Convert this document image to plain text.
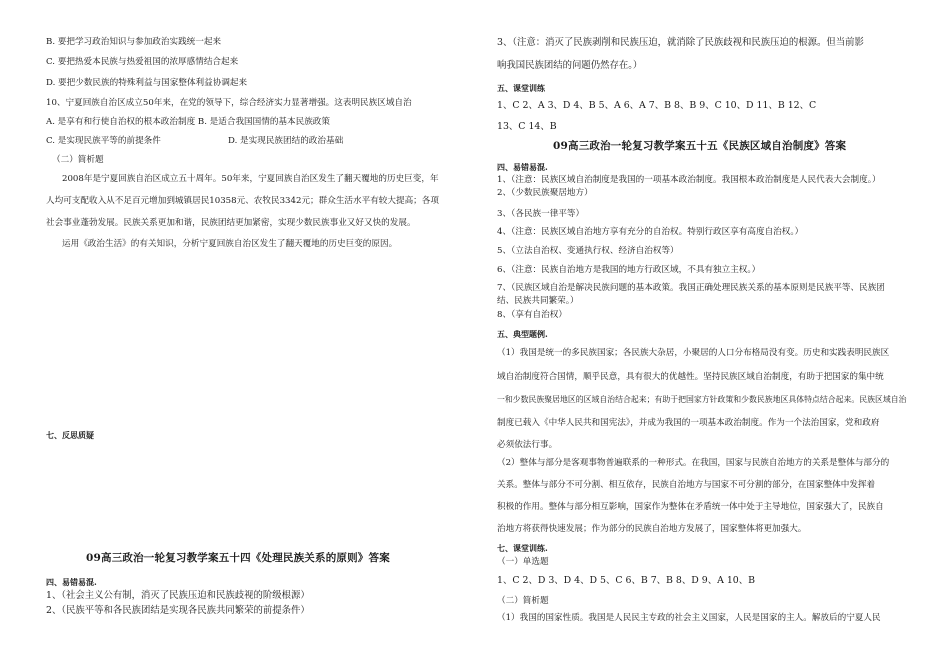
B. 要把学习政治知识与参加政治实践统一起来
C. 要把热爱本民族与热爱祖国的浓厚感情结合起来
D. 要把少数民族的特殊利益与国家整体利益协调起来
10、宁夏回族自治区成立50年来，在党的领导下，综合经济实力显著增强。这表明民族区域自治
A. 是享有和行使自治权的根本政治制度 B. 是适合我国国情的基本民族政策
C. 是实现民族平等的前提条件	D. 是实现民族团结的政治基础
（二）简析题
2008年是宁夏回族自治区成立五十周年。50年来，宁夏回族自治区发生了翻天覆地的历史巨变，年
人均可支配收入从不足百元增加到城镇居民10358元、农牧民3342元；群众生活水平有较大提高；各项
社会事业蓬勃发展。民族关系更加和谐，民族团结更加紧密，实现少数民族事业又好又快的发展。
运用《政治生活》的有关知识，分析宁夏回族自治区发生了翻天覆地的历史巨变的原因。
七、反思质疑
09高三政治一轮复习教学案五十四《处理民族关系的原则》答案
四、易错易混.
1、（社会主义公有制，消灭了民族压迫和民族歧视的阶级根源）
2、（民族平等和各民族团结是实现各民族共同繁荣的前提条件）
3、（注意：消灭了民族剥削和民族压迫，就消除了民族歧视和民族压迫的根源。但当前影
响我国民族团结的问题仍然存在。）
五、课堂训练
1、C 2、A 3、D 4、B 5、A 6、A 7、B 8、B 9、C 10、D 11、B 12、C
13、C 14、B
09高三政治一轮复习教学案五十五《民族区域自治制度》答案
四、易错易混.
1、（注意：民族区域自治制度是我国的一项基本政治制度。我国根本政治制度是人民代表大会制度。）
2、（少数民族聚居地方）
3、（各民族一律平等）
4、（注意：民族区域自治地方享有充分的自治权。特别行政区享有高度自治权。）
5、（立法自治权、变通执行权、经济自治权等）
6、（注意：民族自治地方是我国的地方行政区域，不具有独立主权。）
7、（民族区域自治是解决民族问题的基本政策。我国正确处理民族关系的基本原则是民族平等、民族团
结、民族共同繁荣。）
8、（享有自治权）
五、典型题例.
（1）我国是统一的多民族国家；各民族大杂居，小聚居的人口分布格局没有变。历史和实践表明民族区
域自治制度符合国情，顺乎民意，具有很大的优越性。坚持民族区域自治制度，有助于把国家的集中统
一和少数民族聚居地区的区域自治结合起来；有助于把国家方针政策和少数民族地区具体特点结合起来。民族区域自治
制度已载入《中华人民共和国宪法》，并成为我国的一项基本政治制度。作为一个法治国家，党和政府
必须依法行事。
（2）整体与部分是客观事物普遍联系的一种形式。在我国，国家与民族自治地方的关系是整体与部分的
关系。整体与部分不可分割、相互依存，民族自治地方与国家不可分割的部分，在国家整体中发挥着
积极的作用。整体与部分相互影响，国家作为整体在矛盾统一体中处于主导地位，国家强大了，民族自
治地方将获得快速发展；作为部分的民族自治地方发展了，国家整体将更加强大。
七、课堂训练.
（一）单选题
1、C 2、D 3、D 4、D 5、C 6、B 7、B 8、D 9、A 10、B
（二）简析题
（1）我国的国家性质。我国是人民民主专政的社会主义国家，人民是国家的主人。解放后的宁夏人民
